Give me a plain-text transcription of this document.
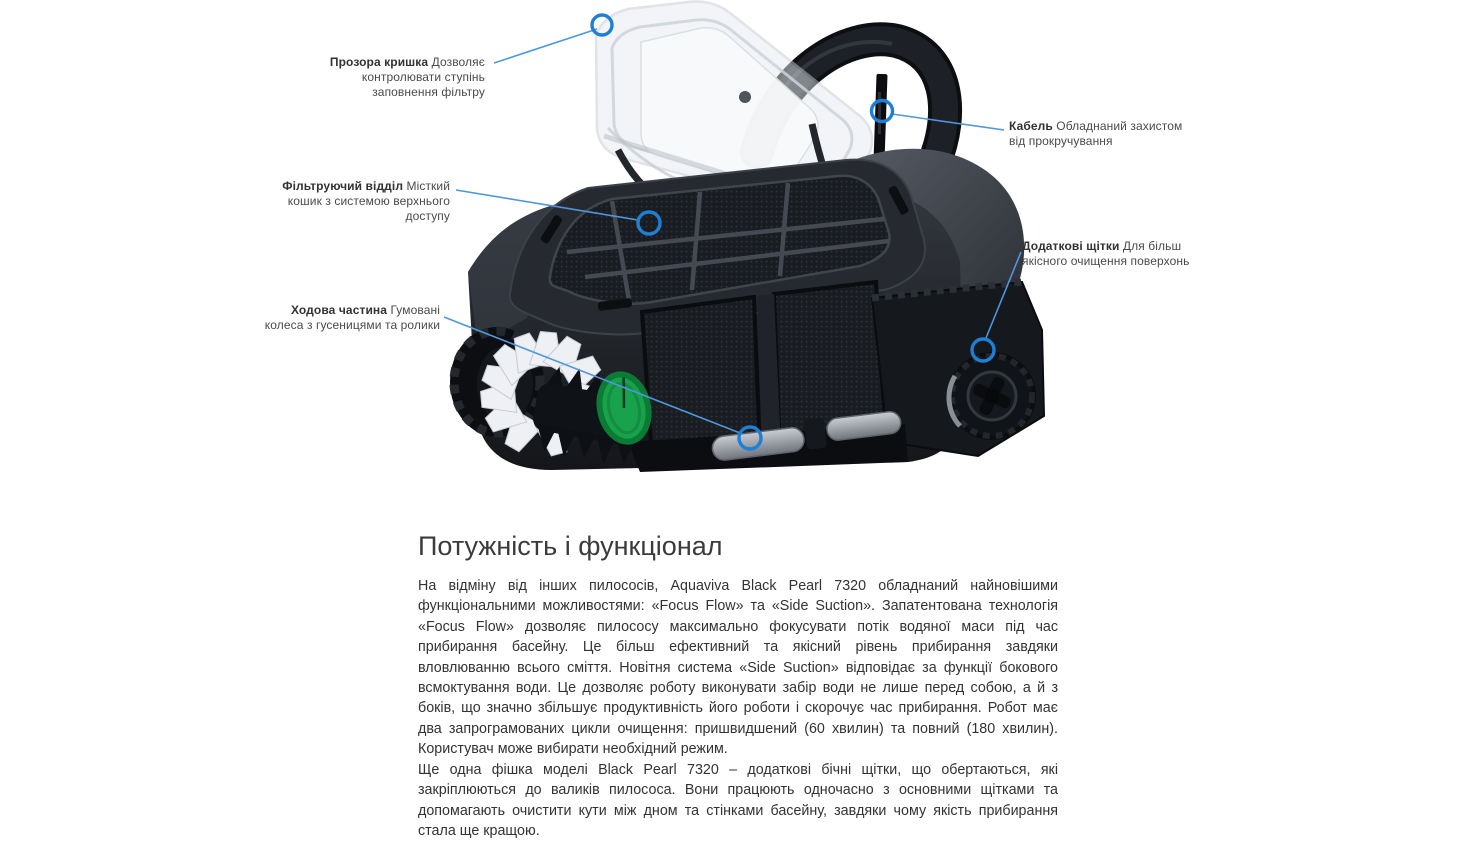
Прозора кришка Дозволяє контролювати ступінь заповнення фільтру
Кабель Обладнаний захистом від прокручування
Фільтруючий відділ Місткий кошик з системою верхнього доступу
Додаткові щітки Для більш якісного очищення поверхонь
Ходова частина Гумовані колеса з гусеницями та ролики
Потужність і функціонал

На відміну від інших пилососів, Aquaviva Black Pearl 7320 обладнаний найновішими функціональними можливостями: «Focus Flow» та «Side Suction». Запатентована технологія «Focus Flow» дозволяє пилососу максимально фокусувати потік водяної маси під час прибирання басейну. Це більш ефективний та якісний рівень прибирання завдяки вловлюванню всього сміття. Новітня система «Side Suction» відповідає за функції бокового всмоктування води. Це дозволяє роботу виконувати забір води не лише перед собою, а й з боків, що значно збільшує продуктивність його роботи і скорочує час прибирання. Робот має два запрограмованих цикли очищення: пришвидшений (60 хвилин) та повний (180 хвилин). Користувач може вибирати необхідний режим.

Ще одна фішка моделі Black Pearl 7320 – додаткові бічні щітки, що обертаються, які закріплюються до валиків пилососа. Вони працюють одночасно з основними щітками та допомагають очистити кути між дном та стінками басейну, завдяки чому якість прибирання стала ще кращою.
